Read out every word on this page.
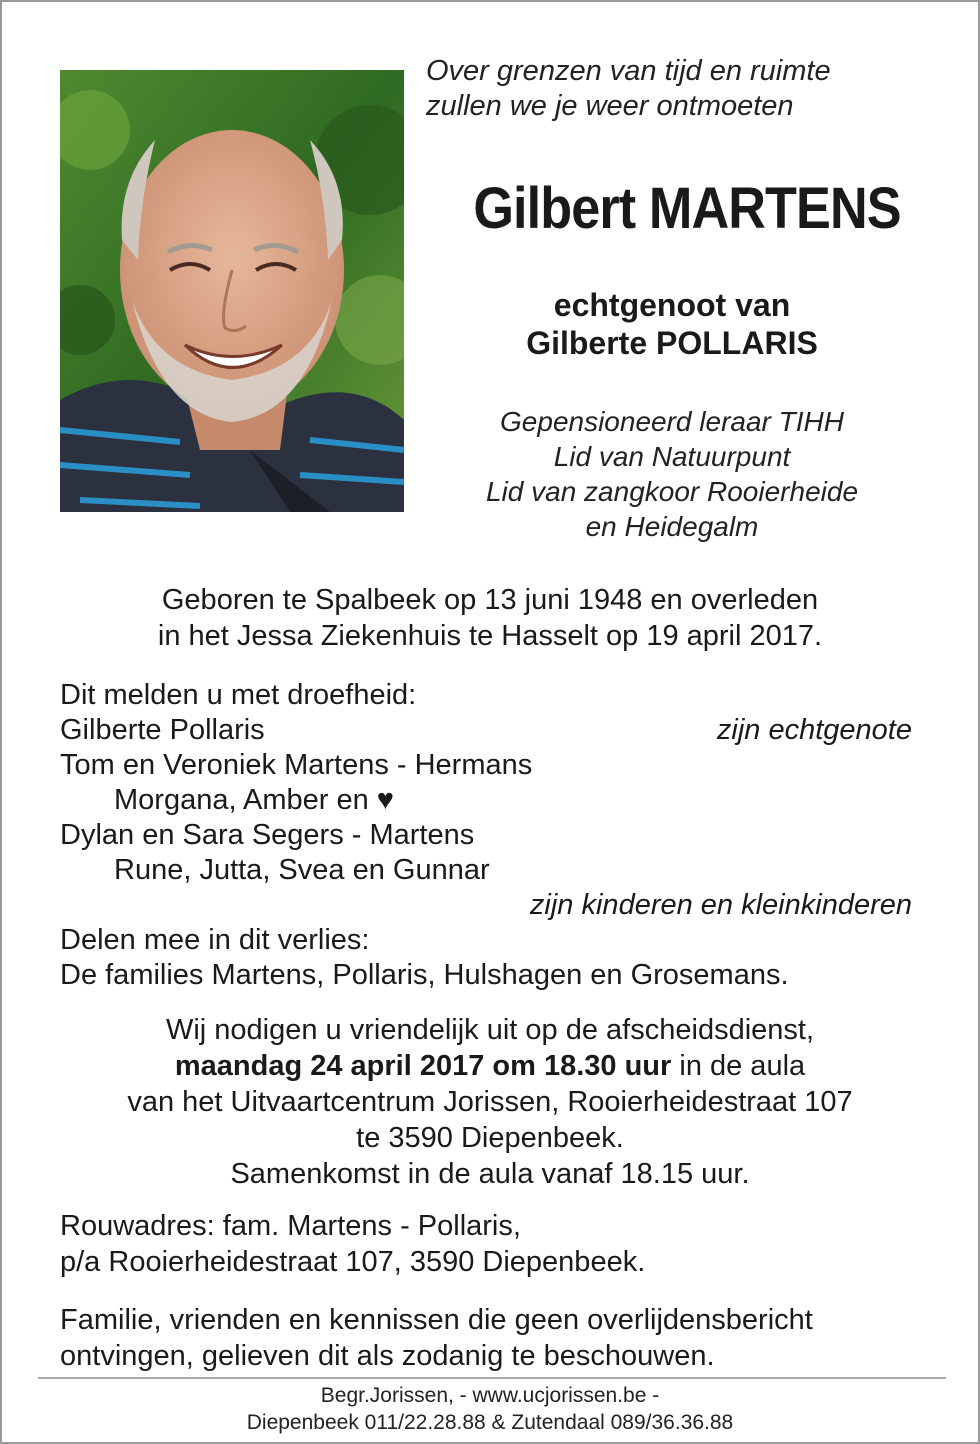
Over grenzen van tijd en ruimte
zullen we je weer ontmoeten
Gilbert MARTENS
echtgenoot van
Gilberte POLLARIS
Gepensioneerd leraar TIHH
Lid van Natuurpunt
Lid van zangkoor Rooierheide
en Heidegalm
Geboren te Spalbeek op 13 juni 1948 en overleden
in het Jessa Ziekenhuis te Hasselt op 19 april 2017.
Dit melden u met droefheid:
Gilberte Pollaris	zijn echtgenote
Tom en Veroniek Martens - Hermans
Morgana, Amber en ♥
Dylan en Sara Segers - Martens
Rune, Jutta, Svea en Gunnar
zijn kinderen en kleinkinderen
Delen mee in dit verlies:
De families Martens, Pollaris, Hulshagen en Grosemans.
Wij nodigen u vriendelijk uit op de afscheidsdienst,
maandag 24 april 2017 om 18.30 uur in de aula
van het Uitvaartcentrum Jorissen, Rooierheidestraat 107
te 3590 Diepenbeek.
Samenkomst in de aula vanaf 18.15 uur.
Rouwadres: fam. Martens - Pollaris,
p/a Rooierheidestraat 107, 3590 Diepenbeek.
Familie, vrienden en kennissen die geen overlijdensbericht
ontvingen, gelieven dit als zodanig te beschouwen.
Begr.Jorissen, - www.ucjorissen.be -
Diepenbeek 011/22.28.88 & Zutendaal 089/36.36.88
